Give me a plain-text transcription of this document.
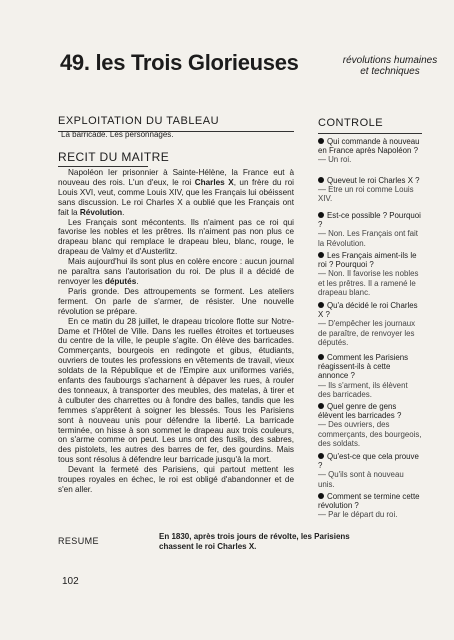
49. les Trois Glorieuses	révolutions humaines et techniques
EXPLOITATION DU TABLEAU
La barricade. Les personnages.
RECIT DU MAITRE

Napoléon Ier prisonnier à Sainte-Hélène, la France eut à nouveau des rois. L'un d'eux, le roi Charles X, un frère du roi Louis XVI, veut, comme Louis XIV, que les Français lui obéissent sans discussion. Le roi Charles X a oublié que les Français ont fait la Révolution.

Les Français sont mécontents. Ils n'aiment pas ce roi qui favorise les nobles et les prêtres. Ils n'aiment pas non plus ce drapeau blanc qui remplace le drapeau bleu, blanc, rouge, le drapeau de Valmy et d'Austerlitz.

Mais aujourd'hui ils sont plus en colère encore : aucun journal ne paraîtra sans l'autorisation du roi. De plus il a décidé de renvoyer les députés.

Paris gronde. Des attroupements se forment. Les ateliers ferment. On parle de s'armer, de résister. Une nouvelle révolution se prépare.

En ce matin du 28 juillet, le drapeau tricolore flotte sur Notre-Dame et l'Hôtel de Ville. Dans les ruelles étroites et tortueuses du centre de la ville, le peuple s'agite. On élève des barricades. Commerçants, bourgeois en redingote et gibus, étudiants, ouvriers de toutes les professions en vêtements de travail, vieux soldats de la République et de l'Empire aux uniformes variés, enfants des faubourgs s'acharnent à dépaver les rues, à rouler des tonneaux, à transporter des meubles, des matelas, à tirer et à culbuter des charrettes ou à fondre des balles, tandis que les femmes s'apprêtent à soigner les blessés. Tous les Parisiens sont à nouveau unis pour défendre la liberté. La barricade terminée, on hisse à son sommet le drapeau aux trois couleurs, on s'arme comme on peut. Les uns ont des fusils, des sabres, des pistolets, les autres des barres de fer, des gourdins. Mais tous sont résolus à défendre leur barricade jusqu'à la mort.

Devant la fermeté des Parisiens, qui partout mettent les troupes royales en échec, le roi est obligé d'abandonner et de s'en aller.

CONTROLE
Qui commande à nouveau en France après Napoléon ?
— Un roi.
Queveut le roi Charles X ?
— Etre un roi comme Louis XIV.
Est-ce possible ? Pourquoi ?
— Non. Les Français ont fait la Révolution.
Les Français aiment-ils le roi ? Pourquoi ?
— Non. Il favorise les nobles et les prêtres. Il a ramené le drapeau blanc.
Qu'a décidé le roi Charles X ?
— D'empêcher les journaux de paraître, de renvoyer les députés.
Comment les Parisiens réagissent-ils à cette annonce ?
— Ils s'arment, ils élèvent des barricades.
Quel genre de gens élèvent les barricades ?
— Des ouvriers, des commerçants, des bourgeois, des soldats.
Qu'est-ce que cela prouve ?
— Qu'ils sont à nouveau unis.
Comment se termine cette révolution ?
— Par le départ du roi.
RESUME	En 1830, après trois jours de révolte, les Parisiens chassent le roi Charles X.
102
